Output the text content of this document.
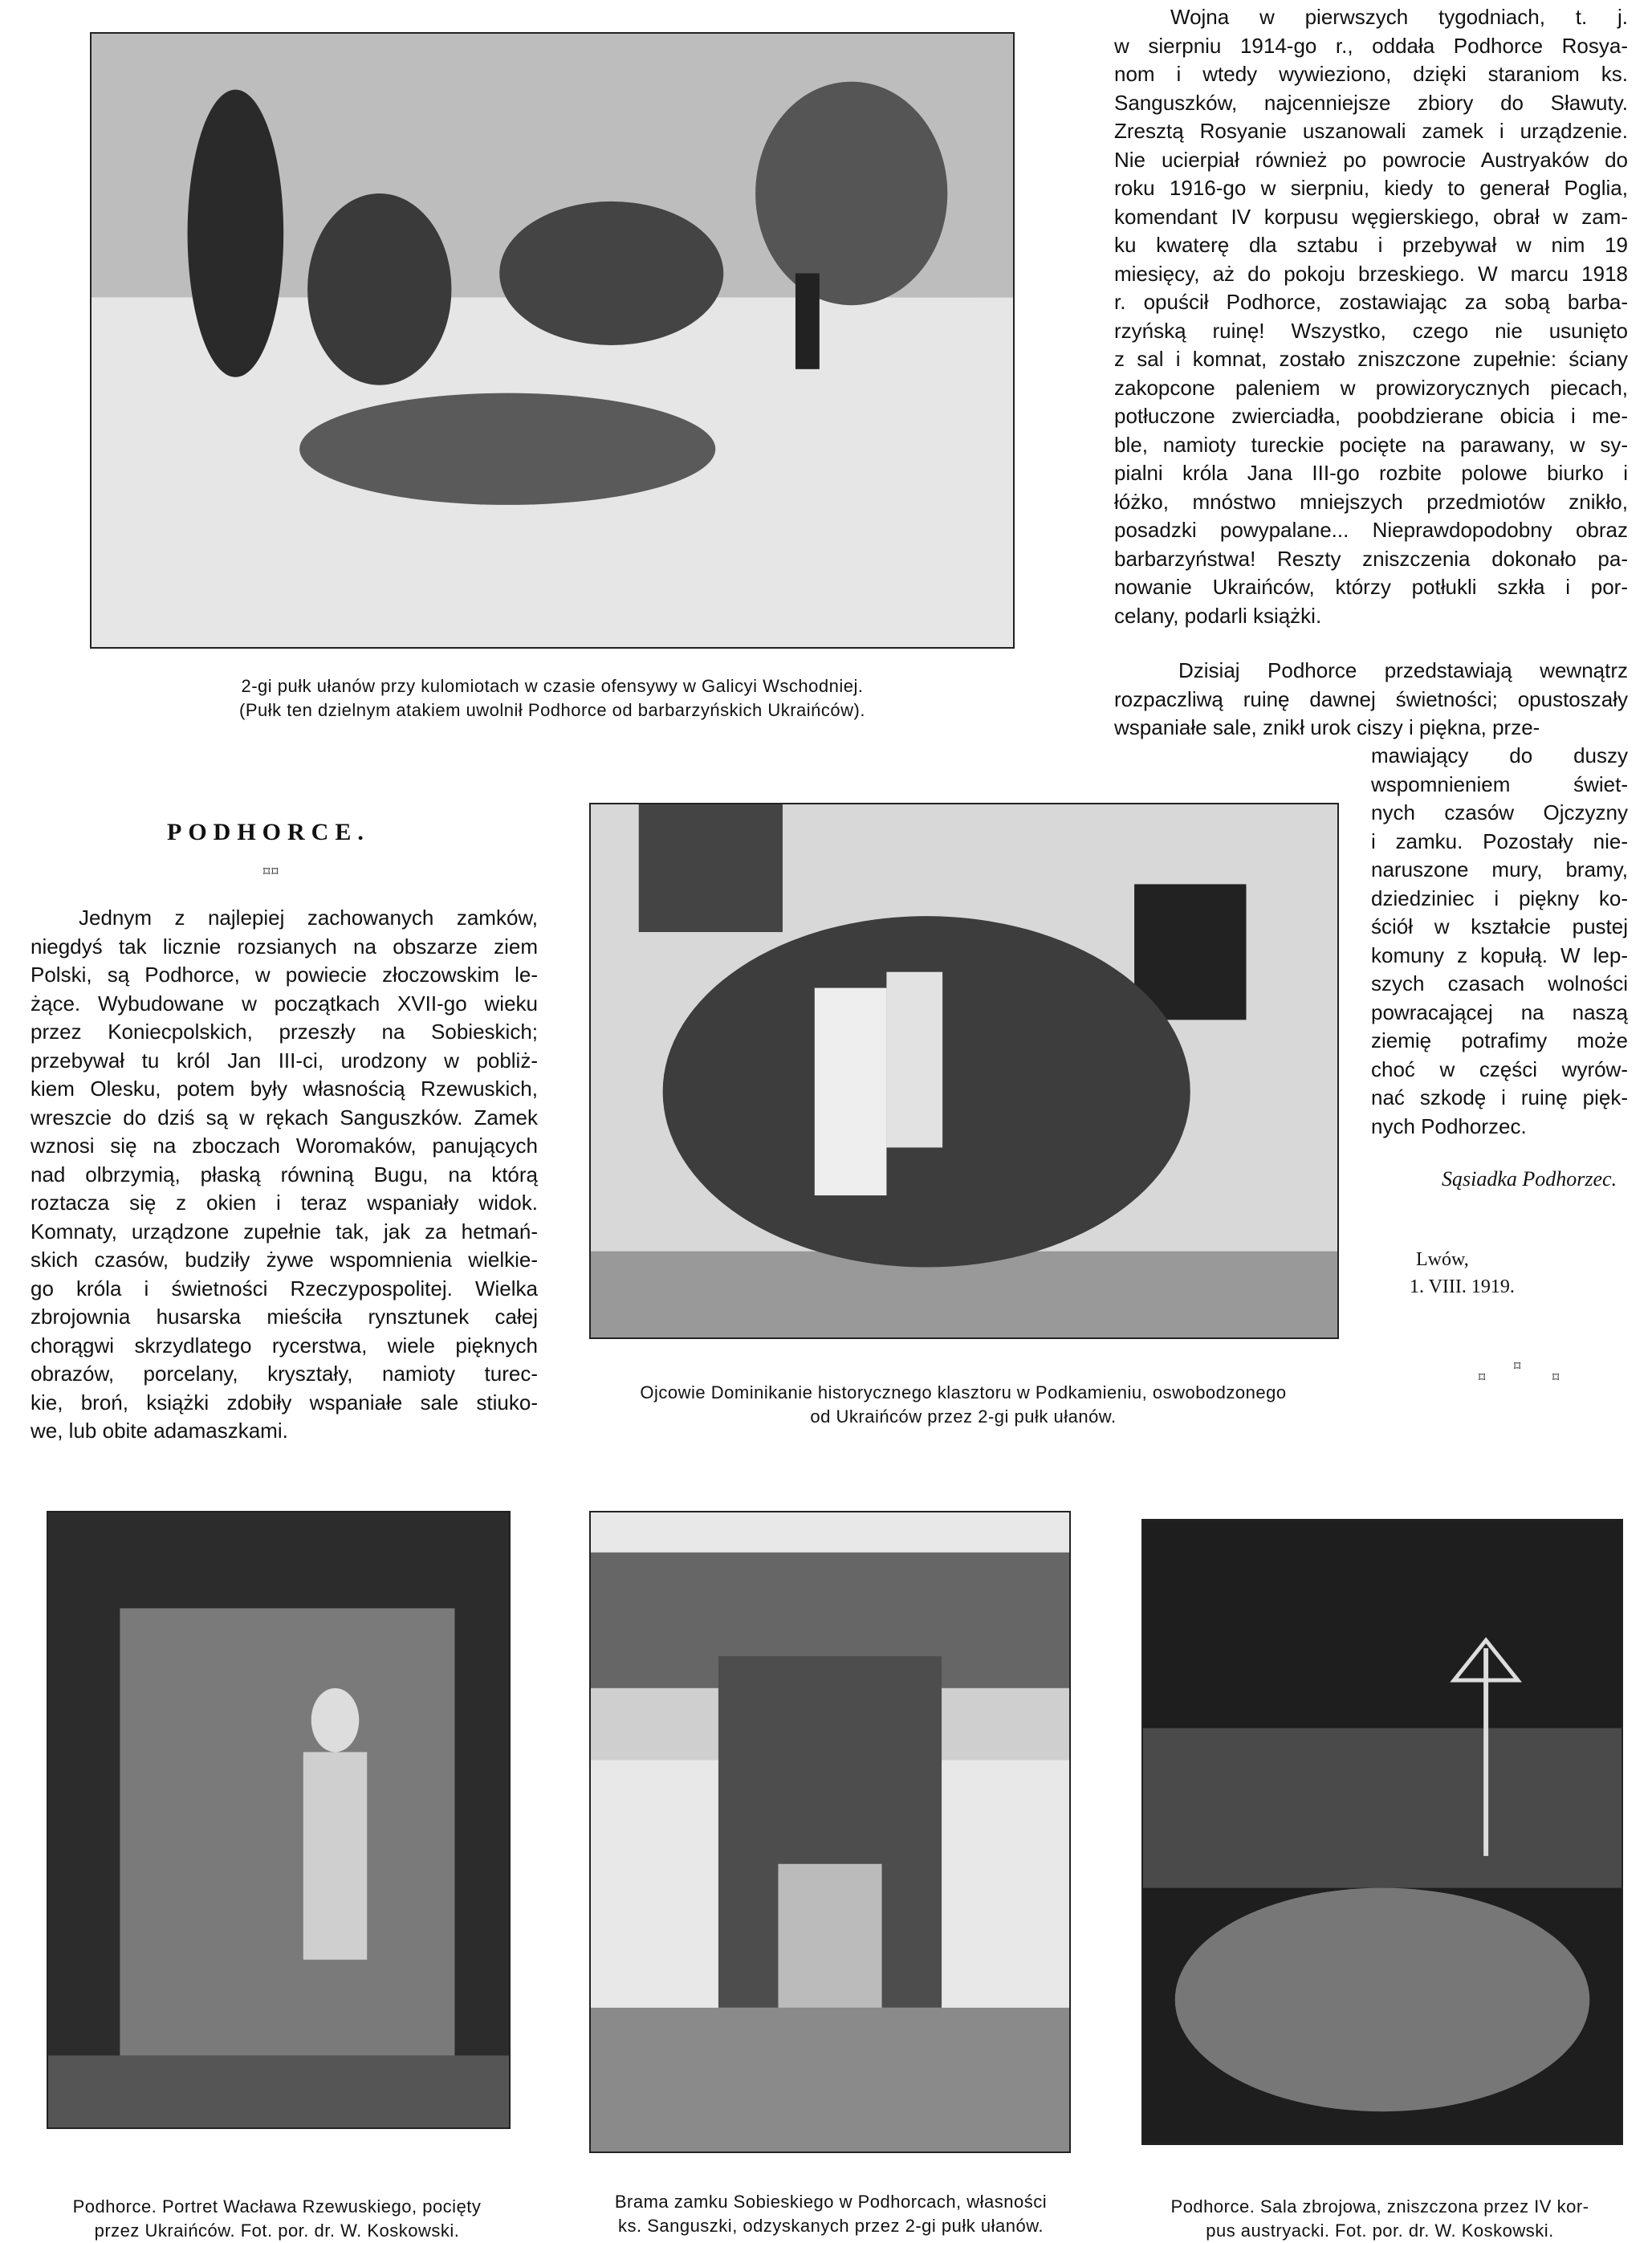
2-gi pułk ułanów przy kulomiotach w czasie ofensywy w Galicyi Wschodniej.
(Pułk ten dzielnym atakiem uwolnił Podhorce od barbarzyńskich Ukraińców).
Wojna w pierwszych tygodniach, t. j.
w sierpniu 1914-go r., oddała Podhorce Rosya-
nom i wtedy wywieziono, dzięki staraniom ks.
Sanguszków, najcenniejsze zbiory do Sławuty.
Zresztą Rosyanie uszanowali zamek i urządzenie.
Nie ucierpiał również po powrocie Austryaków do
roku 1916-go w sierpniu, kiedy to generał Poglia,
komendant IV korpusu węgierskiego, obrał w zam-
ku kwaterę dla sztabu i przebywał w nim 19
miesięcy, aż do pokoju brzeskiego. W marcu 1918
r. opuścił Podhorce, zostawiając za sobą barba-
rzyńską ruinę! Wszystko, czego nie usunięto
z sal i komnat, zostało zniszczone zupełnie: ściany
zakopcone paleniem w prowizorycznych piecach,
potłuczone zwierciadła, poobdzierane obicia i me-
ble, namioty tureckie pocięte na parawany, w sy-
pialni króla Jana III-go rozbite polowe biurko i
łóżko, mnóstwo mniejszych przedmiotów znikło,
posadzki powypalane... Nieprawdopodobny obraz
barbarzyństwa! Reszty zniszczenia dokonało pa-
nowanie Ukraińców, którzy potłukli szkła i por-
celany, podarli książki.
Dzisiaj Podhorce przedstawiają wewnątrz
rozpaczliwą ruinę dawnej świetności; opustoszały
wspaniałe sale, znikł urok ciszy i piękna, prze-
mawiający do duszy
wspomnieniem świet-
nych czasów Ojczyzny
i zamku. Pozostały nie-
naruszone mury, bramy,
dziedziniec i piękny ko-
ściół w kształcie pustej
komuny z kopułą. W lep-
szych czasach wolności
powracającej na naszą
ziemię potrafimy może
choć w części wyrów-
nać szkodę i ruinę pięk-
nych Podhorzec.
PODHORCE.
⌑⌑
Jednym z najlepiej zachowanych zamków,
niegdyś tak licznie rozsianych na obszarze ziem
Polski, są Podhorce, w powiecie złoczowskim le-
żące. Wybudowane w początkach XVII-go wieku
przez Koniecpolskich, przeszły na Sobieskich;
przebywał tu król Jan III-ci, urodzony w pobliż-
kiem Olesku, potem były własnością Rzewuskich,
wreszcie do dziś są w rękach Sanguszków. Zamek
wznosi się na zboczach Woromaków, panujących
nad olbrzymią, płaską równiną Bugu, na którą
roztacza się z okien i teraz wspaniały widok.
Komnaty, urządzone zupełnie tak, jak za hetmań-
skich czasów, budziły żywe wspomnienia wielkie-
go króla i świetności Rzeczypospolitej. Wielka
zbrojownia husarska mieściła rynsztunek całej
chorągwi skrzydlatego rycerstwa, wiele pięknych
obrazów, porcelany, kryształy, namioty turec-
kie, broń, książki zdobiły wspaniałe sale stiuko-
we, lub obite adamaszkami.
Ojcowie Dominikanie historycznego klasztoru w Podkamieniu, oswobodzonego
od Ukraińców przez 2-gi pułk ułanów.
Sąsiadka Podhorzec.
Lwów,
1. VIII. 1919.
⌑
⌑
⌑
Podhorce. Portret Wacława Rzewuskiego, pocięty
przez Ukraińców. Fot. por. dr. W. Koskowski.
Brama zamku Sobieskiego w Podhorcach, własności
ks. Sanguszki, odzyskanych przez 2-gi pułk ułanów.
Podhorce. Sala zbrojowa, zniszczona przez IV kor-
pus austryacki. Fot. por. dr. W. Koskowski.
